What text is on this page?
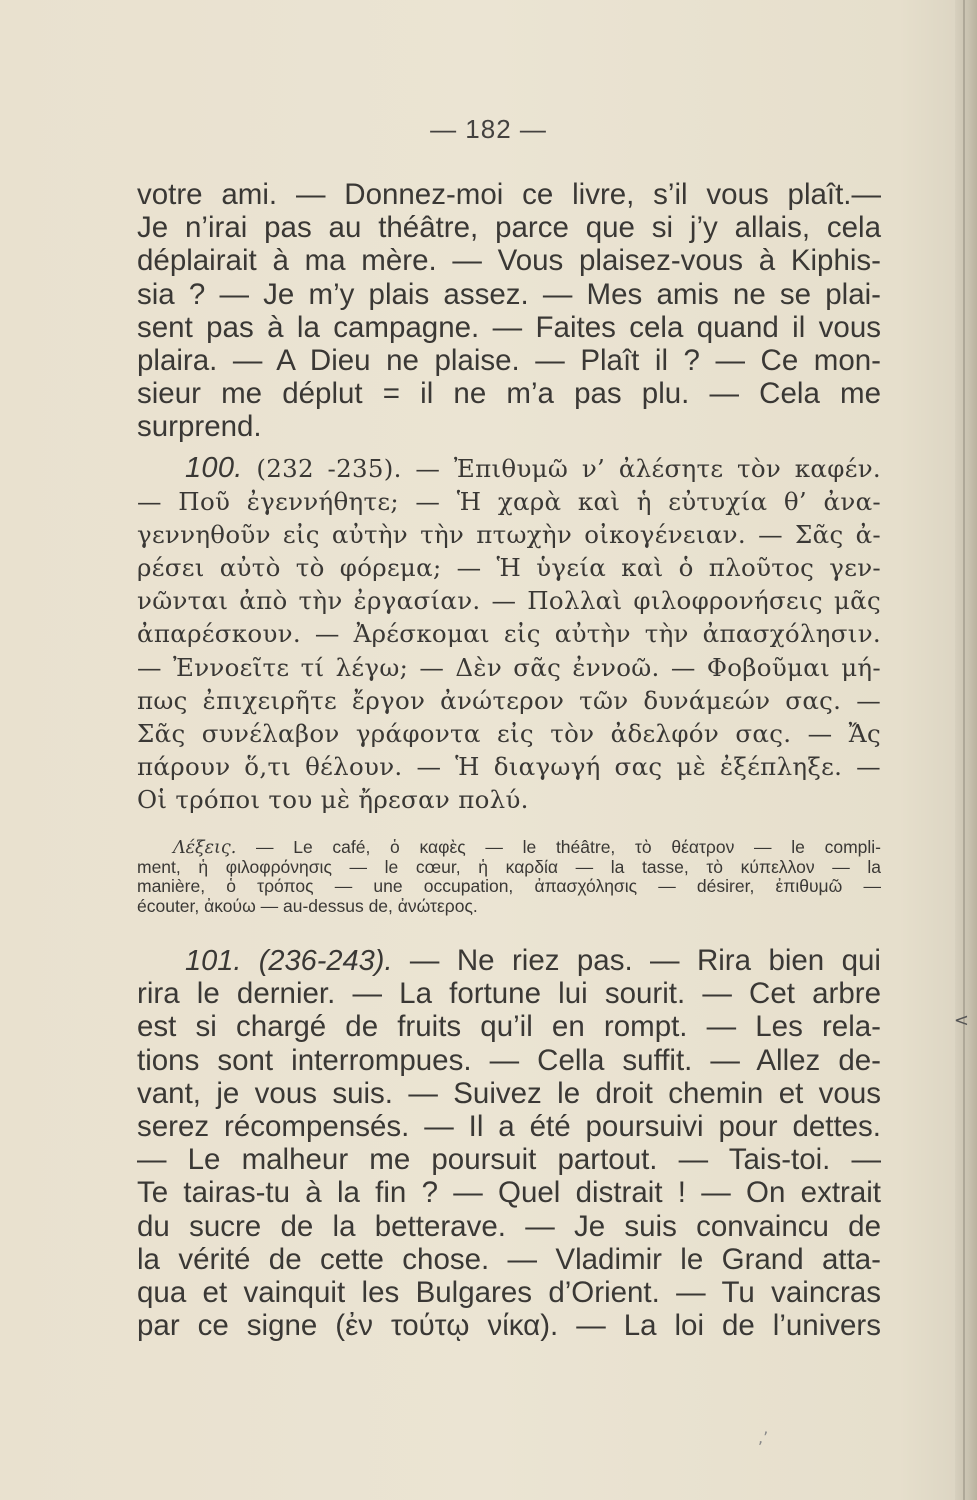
— 182 —
votre ami. — Donnez-moi ce livre, s’il vous plaît.—
Je n’irai pas au théâtre, parce que si j’y allais, cela
déplairait à ma mère. — Vous plaisez-vous à Kiphis-
sia ? — Je m’y plais assez. — Mes amis ne se plai-
sent pas à la campagne. — Faites cela quand il vous
plaira. — A Dieu ne plaise. — Plaît il ? — Ce mon-
sieur me déplut = il ne m’a pas plu. — Cela me
surprend.
100. (232 -235). — Ἐπιθυμῶ ν’ ἀλέσητε τὸν καφέν.
— Ποῦ ἐγεννήθητε; — Ἡ χαρὰ καὶ ἡ εὐτυχία θ’ ἀνα-
γεννηθοῦν εἰς αὐτὴν τὴν πτωχὴν οἰκογένειαν. — Σᾶς ἀ-
ρέσει αὐτὸ τὸ φόρεμα; — Ἡ ὑγεία καὶ ὁ πλοῦτος γεν-
νῶνται ἀπὸ τὴν ἐργασίαν. — Πολλαὶ φιλοφρονήσεις μᾶς
ἀπαρέσκουν. — Ἀρέσκομαι εἰς αὐτὴν τὴν ἀπασχόλησιν.
— Ἐννοεῖτε τί λέγω; — Δὲν σᾶς ἐννοῶ. — Φοβοῦμαι μή-
πως ἐπιχειρῆτε ἔργον ἀνώτερον τῶν δυνάμεών σας. —
Σᾶς συνέλαβον γράφοντα εἰς τὸν ἀδελφόν σας. — Ἄς
πάρουν ὅ,τι θέλουν. — Ἡ διαγωγή σας μὲ ἐξέπληξε. —
Οἱ τρόποι του μὲ ἤρεσαν πολύ.
Λέξεις. — Le café, ὁ καφὲς — le théâtre, τὸ θέατρον — le compli-
ment, ἡ φιλοφρόνησις — le cœur, ἡ καρδία — la tasse, τὸ κύπελλον — la
manière, ὁ τρόπος — une occupation, ἀπασχόλησις — désirer, ἐπιθυμῶ —
écouter, ἀκούω — au-dessus de, ἀνώτερος.
101. (236-243). — Ne riez pas. — Rira bien qui
rira le dernier. — La fortune lui sourit. — Cet arbre
est si chargé de fruits qu’il en rompt. — Les rela-
tions sont interrompues. — Cella suffit. — Allez de-
vant, je vous suis. — Suivez le droit chemin et vous
serez récompensés. — Il a été poursuivi pour dettes.
— Le malheur me poursuit partout. — Tais-toi. —
Te tairas-tu à la fin ? — Quel distrait ! — On extrait
du sucre de la betterave. — Je suis convaincu de
la vérité de cette chose. — Vladimir le Grand atta-
qua et vainquit les Bulgares d’Orient. — Tu vaincras
par ce signe (ἐν τούτῳ νίκα). — La loi de l’univers
<
,’
